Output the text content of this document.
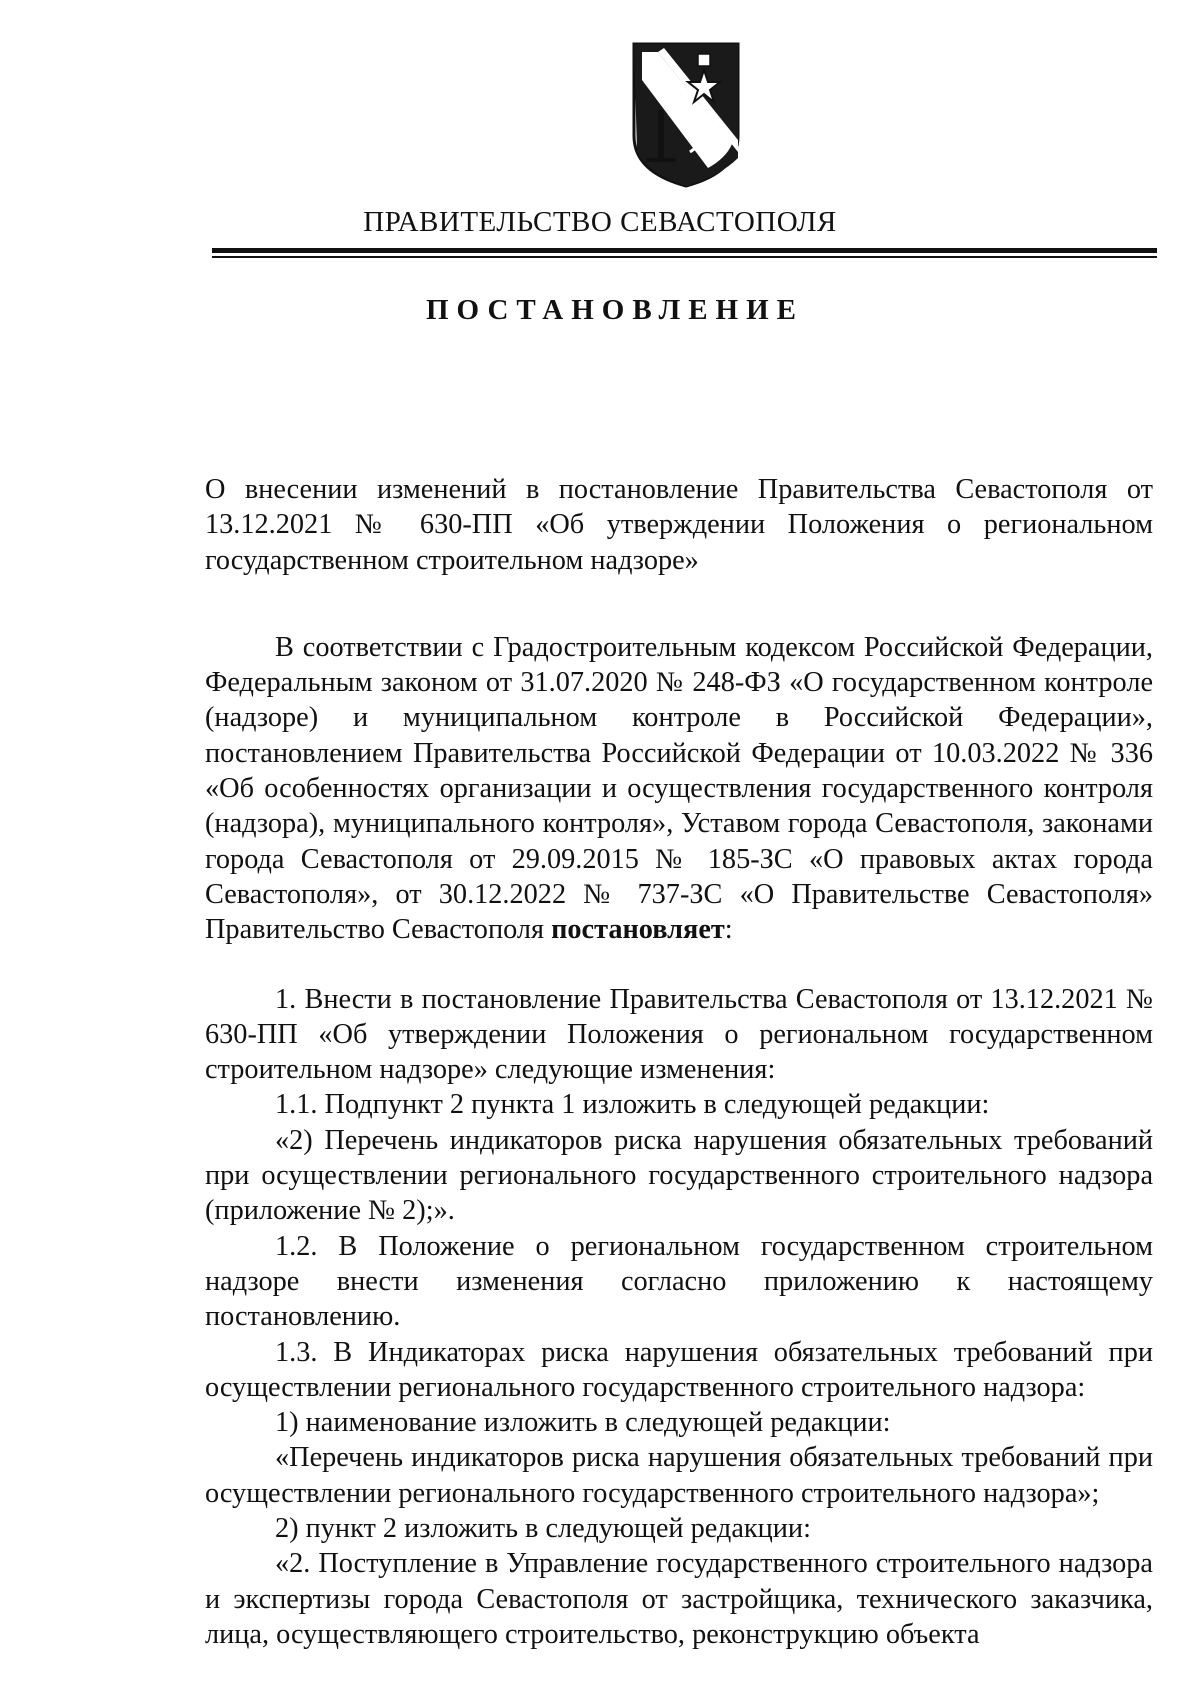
ПРАВИТЕЛЬСТВО СЕВАСТОПОЛЯ
ПОСТАНОВЛЕНИЕ

О внесении изменений в постановление Правительства Севастополя от 13.12.2021 № 630-ПП «Об утверждении Положения о региональном государственном строительном надзоре»

В соответствии с Градостроительным кодексом Российской Федерации, Федеральным законом от 31.07.2020 № 248-ФЗ «О государственном контроле (надзоре) и муниципальном контроле в Российской Федерации», постановлением Правительства Российской Федерации от 10.03.2022 № 336 «Об особенностях организации и осуществления государственного контроля (надзора), муниципального контроля», Уставом города Севастополя, законами города Севастополя от 29.09.2015 № 185-ЗС «О правовых актах города Севастополя», от 30.12.2022 № 737-ЗС «О Правительстве Севастополя» Правительство Севастополя постановляет:

1. Внести в постановление Правительства Севастополя от 13.12.2021 № 630-ПП «Об утверждении Положения о региональном государственном строительном надзоре» следующие изменения:

1.1. Подпункт 2 пункта 1 изложить в следующей редакции:

«2) Перечень индикаторов риска нарушения обязательных требований при осуществлении регионального государственного строительного надзора (приложение № 2);».

1.2. В Положение о региональном государственном строительном надзоре внести изменения согласно приложению к настоящему постановлению.

1.3. В Индикаторах риска нарушения обязательных требований при осуществлении регионального государственного строительного надзора:

1) наименование изложить в следующей редакции:

«Перечень индикаторов риска нарушения обязательных требований при осуществлении регионального государственного строительного надзора»;

2) пункт 2 изложить в следующей редакции:

«2. Поступление в Управление государственного строительного надзора и экспертизы города Севастополя от застройщика, технического заказчика, лица, осуществляющего строительство, реконструкцию объекта
